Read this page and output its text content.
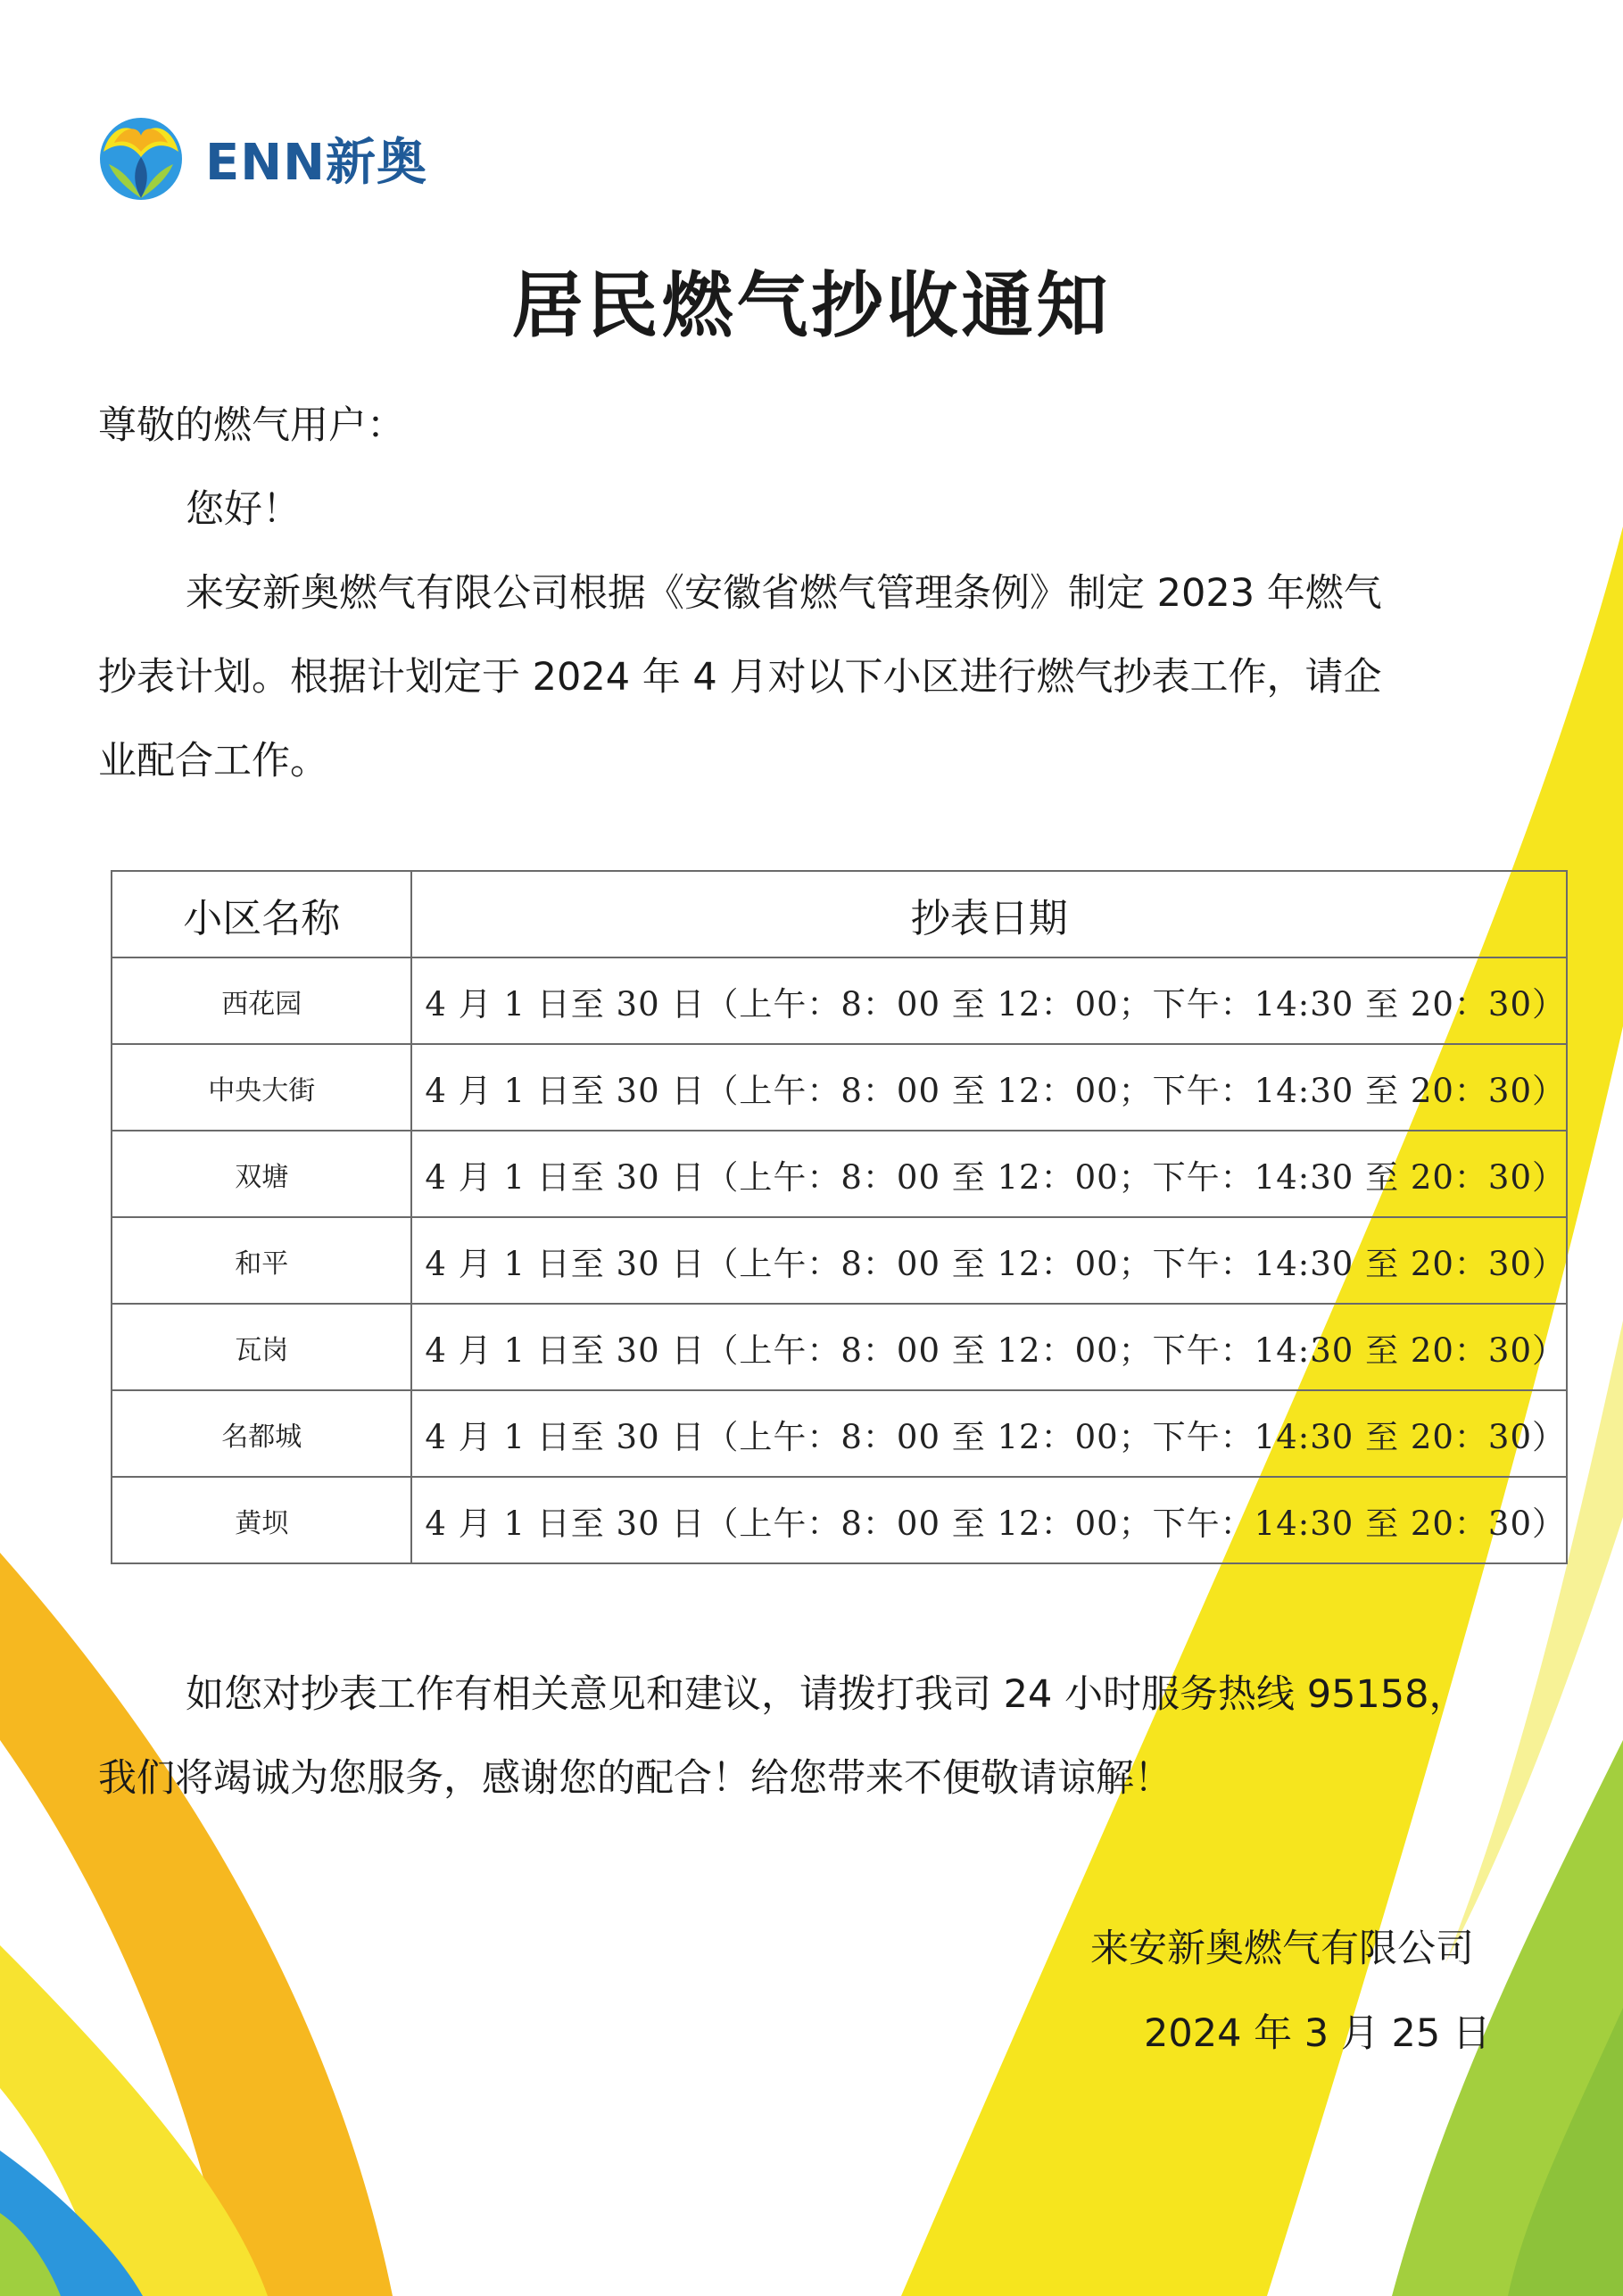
ENN新奥
居民燃气抄收通知
尊敬的燃气用户：
您好！
来安新奥燃气有限公司根据《安徽省燃气管理条例》制定 2023 年燃气
抄表计划。根据计划定于 2024 年 4 月对以下小区进行燃气抄表工作，请企
业配合工作。
小区名称	抄表日期
西花园	4 月 1 日至 30 日（上午：8：00 至 12：00；下午：14:30 至 20：30）
中央大街	4 月 1 日至 30 日（上午：8：00 至 12：00；下午：14:30 至 20：30）
双塘	4 月 1 日至 30 日（上午：8：00 至 12：00；下午：14:30 至 20：30）
和平	4 月 1 日至 30 日（上午：8：00 至 12：00；下午：14:30 至 20：30）
瓦岗	4 月 1 日至 30 日（上午：8：00 至 12：00；下午：14:30 至 20：30）
名都城	4 月 1 日至 30 日（上午：8：00 至 12：00；下午：14:30 至 20：30）
黄坝	4 月 1 日至 30 日（上午：8：00 至 12：00；下午：14:30 至 20：30）
如您对抄表工作有相关意见和建议，请拨打我司 24 小时服务热线 95158，
我们将竭诚为您服务，感谢您的配合！给您带来不便敬请谅解！
来安新奥燃气有限公司
2024 年 3 月 25 日
